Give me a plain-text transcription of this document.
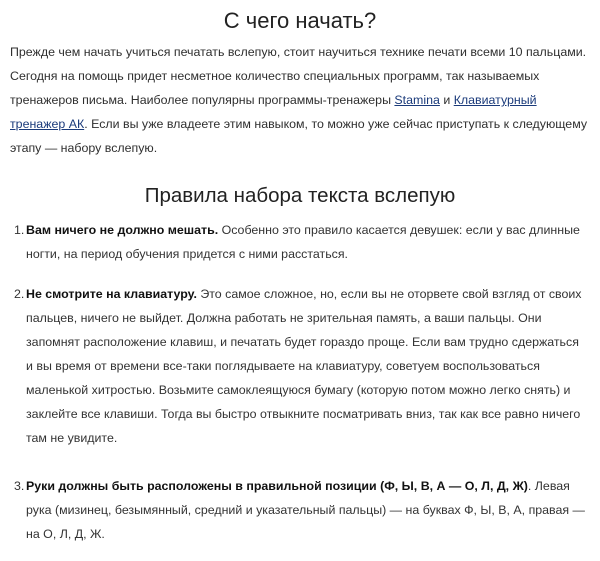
С чего начать?

Прежде чем начать учиться печатать вслепую, стоит научиться технике печати всеми 10 пальцами. Сегодня на помощь придет несметное количество специальных программ, так называемых тренажеров письма. Наиболее популярны программы-тренажеры Stamina и Клавиатурный тренажер АК. Если вы уже владеете этим навыком, то можно уже сейчас приступать к следующему этапу — набору вслепую.

Правила набора текста вслепую
1. Вам ничего не должно мешать. Особенно это правило касается девушек: если у вас длинные ногти, на период обучения придется с ними расстаться.
2. Не смотрите на клавиатуру. Это самое сложное, но, если вы не оторвете свой взгляд от своих пальцев, ничего не выйдет. Должна работать не зрительная память, а ваши пальцы. Они запомнят расположение клавиш, и печатать будет гораздо проще. Если вам трудно сдержаться и вы время от времени все-таки поглядываете на клавиатуру, советуем воспользоваться маленькой хитростью. Возьмите самоклеящуюся бумагу (которую потом можно легко снять) и заклейте все клавиши. Тогда вы быстро отвыкните посматривать вниз, так как все равно ничего там не увидите.
3. Руки должны быть расположены в правильной позиции (Ф, Ы, В, А — О, Л, Д, Ж). Левая рука (мизинец, безымянный, средний и указательный пальцы) — на буквах Ф, Ы, В, А, правая — на О, Л, Д, Ж.
